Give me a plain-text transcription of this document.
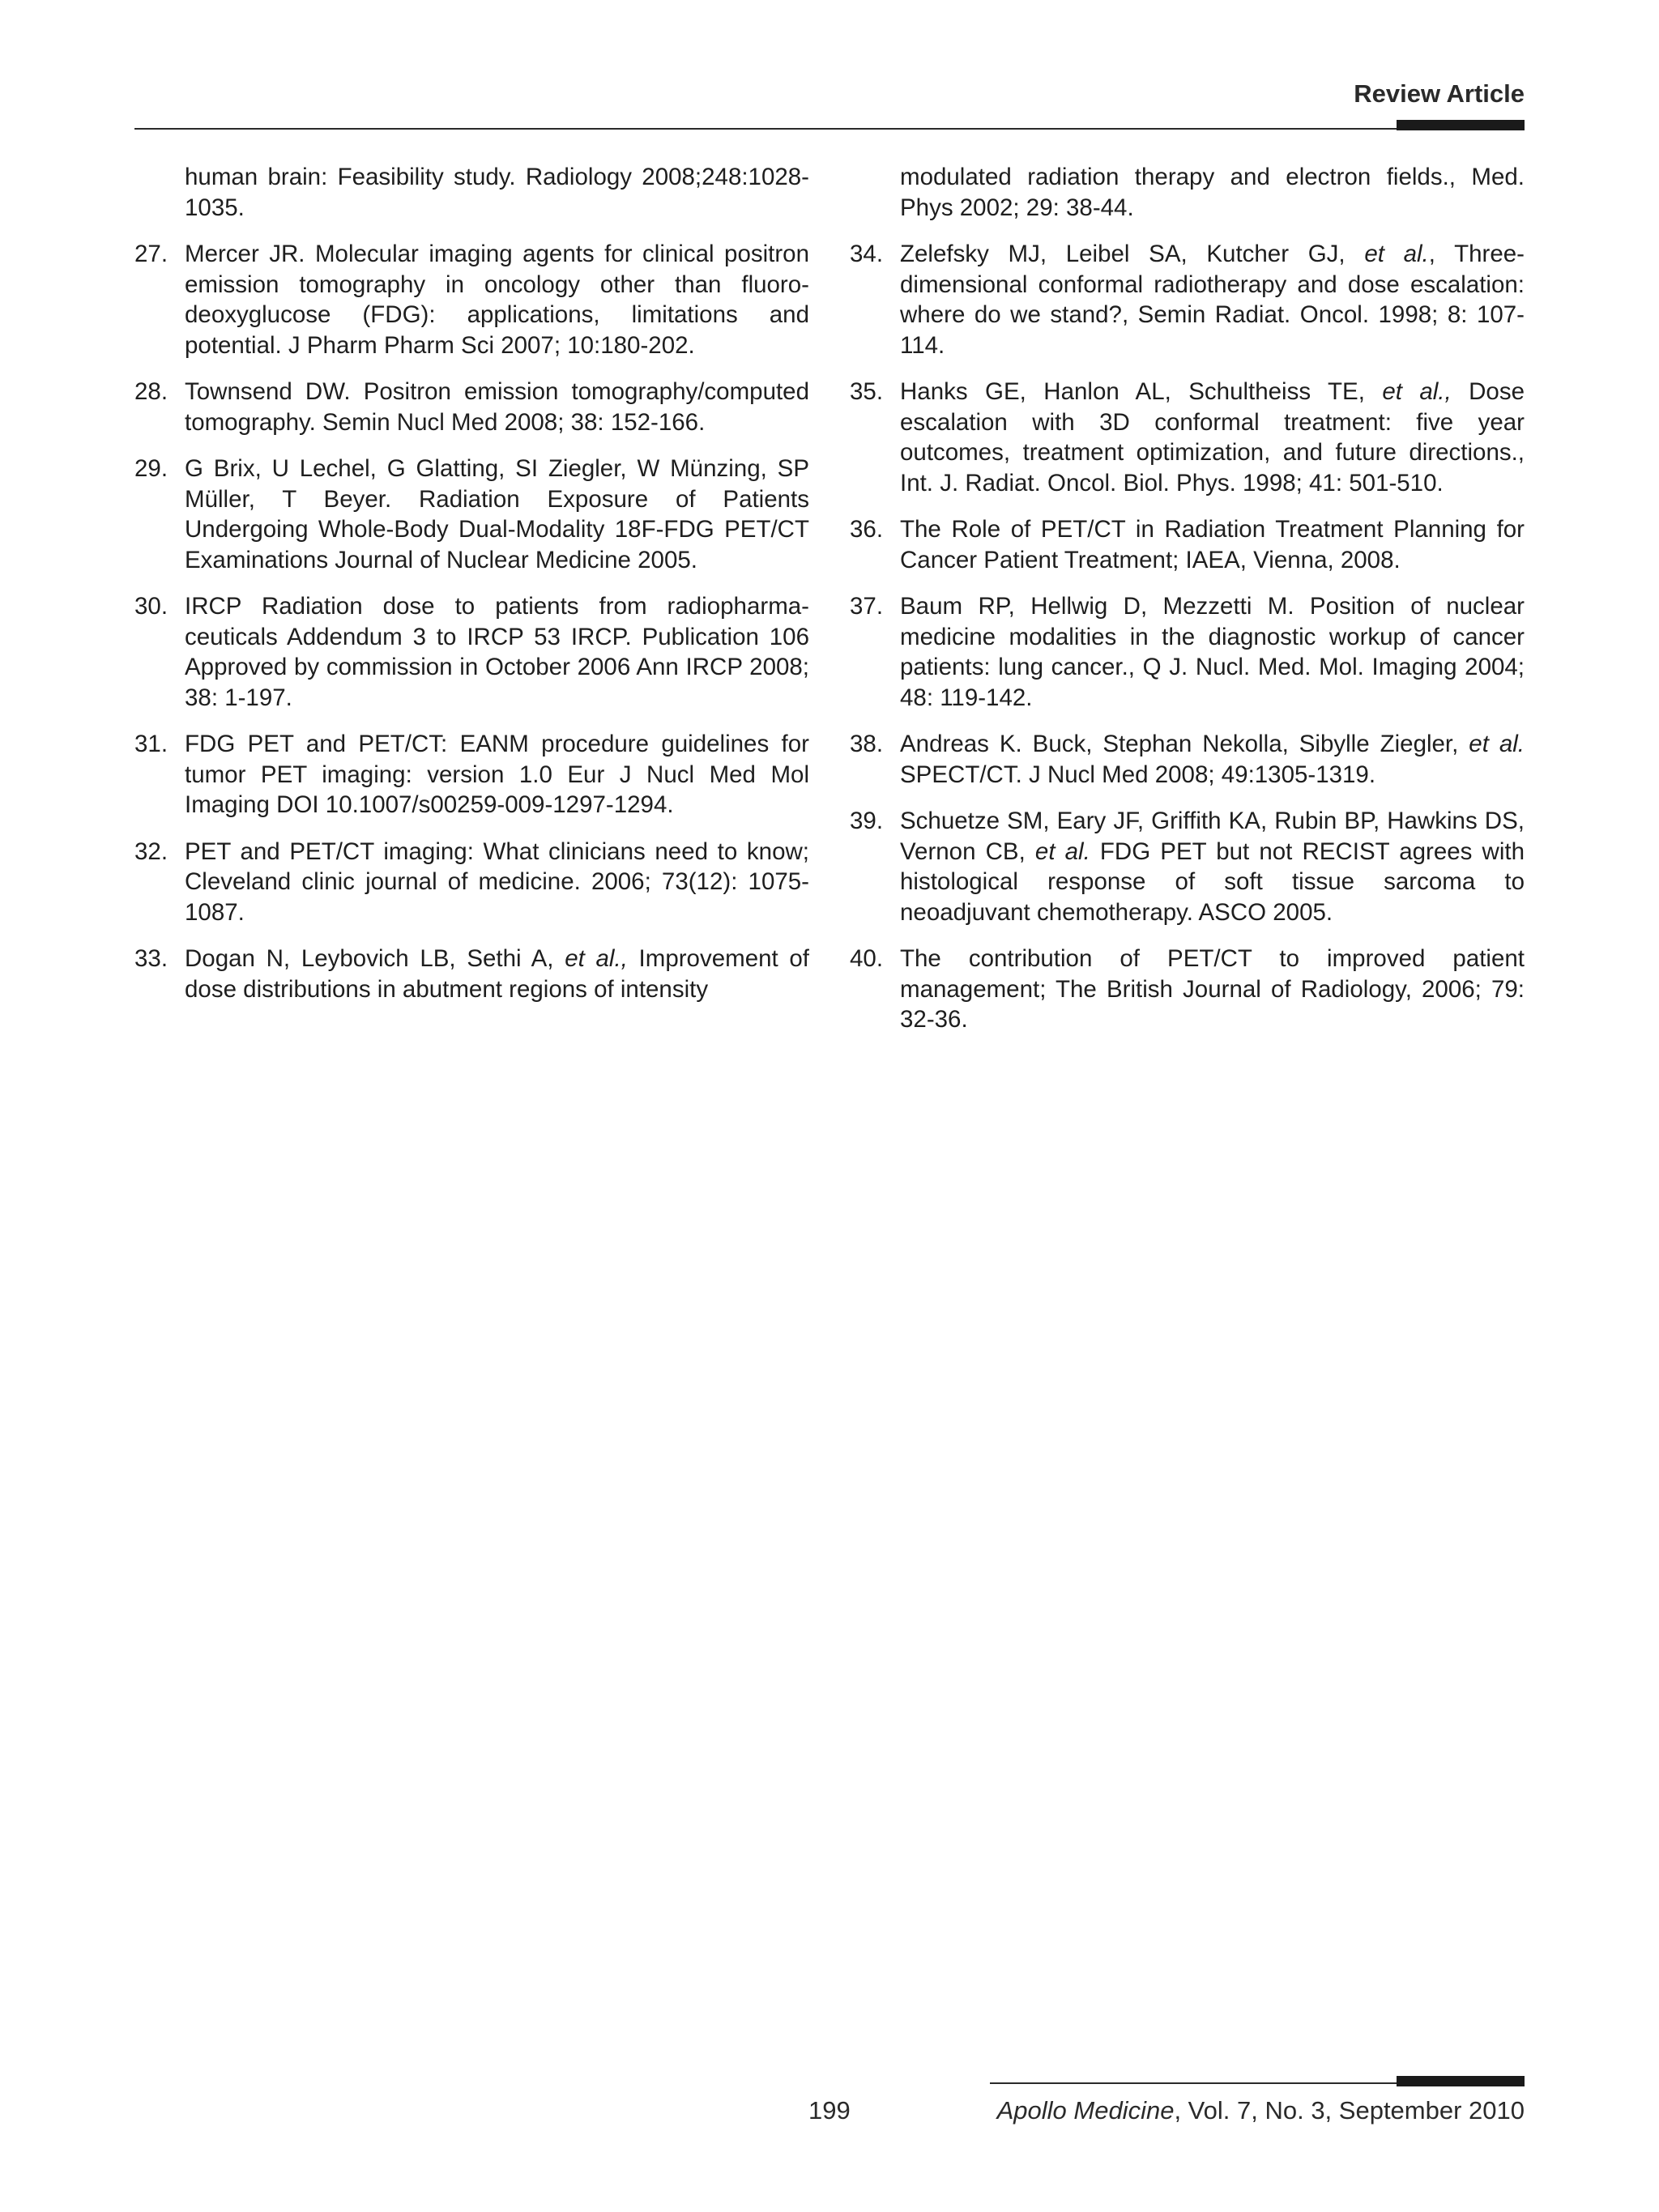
Review Article
human brain: Feasibility study. Radiology 2008;248:1028-1035.
27. Mercer JR. Molecular imaging agents for clinical positron emission tomography in oncology other than fluoro-deoxyglucose (FDG): applications, limitations and potential. J Pharm Pharm Sci 2007; 10:180-202.
28. Townsend DW. Positron emission tomography/computed tomography. Semin Nucl Med 2008; 38: 152-166.
29. G Brix, U Lechel, G Glatting, SI Ziegler, W Münzing, SP Müller, T Beyer. Radiation Exposure of Patients Undergoing Whole-Body Dual-Modality 18F-FDG PET/CT Examinations Journal of Nuclear Medicine 2005.
30. IRCP Radiation dose to patients from radiopharma-ceuticals Addendum 3 to IRCP 53 IRCP. Publication 106 Approved by commission in October 2006 Ann IRCP 2008; 38: 1-197.
31. FDG PET and PET/CT: EANM procedure guidelines for tumor PET imaging: version 1.0 Eur J Nucl Med Mol Imaging DOI 10.1007/s00259-009-1297-1294.
32. PET and PET/CT imaging: What clinicians need to know; Cleveland clinic journal of medicine. 2006; 73(12): 1075-1087.
33. Dogan N, Leybovich LB, Sethi A, et al., Improvement of dose distributions in abutment regions of intensity
modulated radiation therapy and electron fields., Med. Phys 2002; 29: 38-44.
34. Zelefsky MJ, Leibel SA, Kutcher GJ, et al., Three-dimensional conformal radiotherapy and dose escalation: where do we stand?, Semin Radiat. Oncol. 1998; 8: 107-114.
35. Hanks GE, Hanlon AL, Schultheiss TE, et al., Dose escalation with 3D conformal treatment: five year outcomes, treatment optimization, and future directions., Int. J. Radiat. Oncol. Biol. Phys. 1998; 41: 501-510.
36. The Role of PET/CT in Radiation Treatment Planning for Cancer Patient Treatment; IAEA, Vienna, 2008.
37. Baum RP, Hellwig D, Mezzetti M. Position of nuclear medicine modalities in the diagnostic workup of cancer patients: lung cancer., Q J. Nucl. Med. Mol. Imaging 2004; 48: 119-142.
38. Andreas K. Buck, Stephan Nekolla, Sibylle Ziegler, et al. SPECT/CT. J Nucl Med 2008; 49:1305-1319.
39. Schuetze SM, Eary JF, Griffith KA, Rubin BP, Hawkins DS, Vernon CB, et al. FDG PET but not RECIST agrees with histological response of soft tissue sarcoma to neoadjuvant chemotherapy. ASCO 2005.
40. The contribution of PET/CT to improved patient management; The British Journal of Radiology, 2006; 79: 32-36.
199	Apollo Medicine, Vol. 7, No. 3, September 2010
